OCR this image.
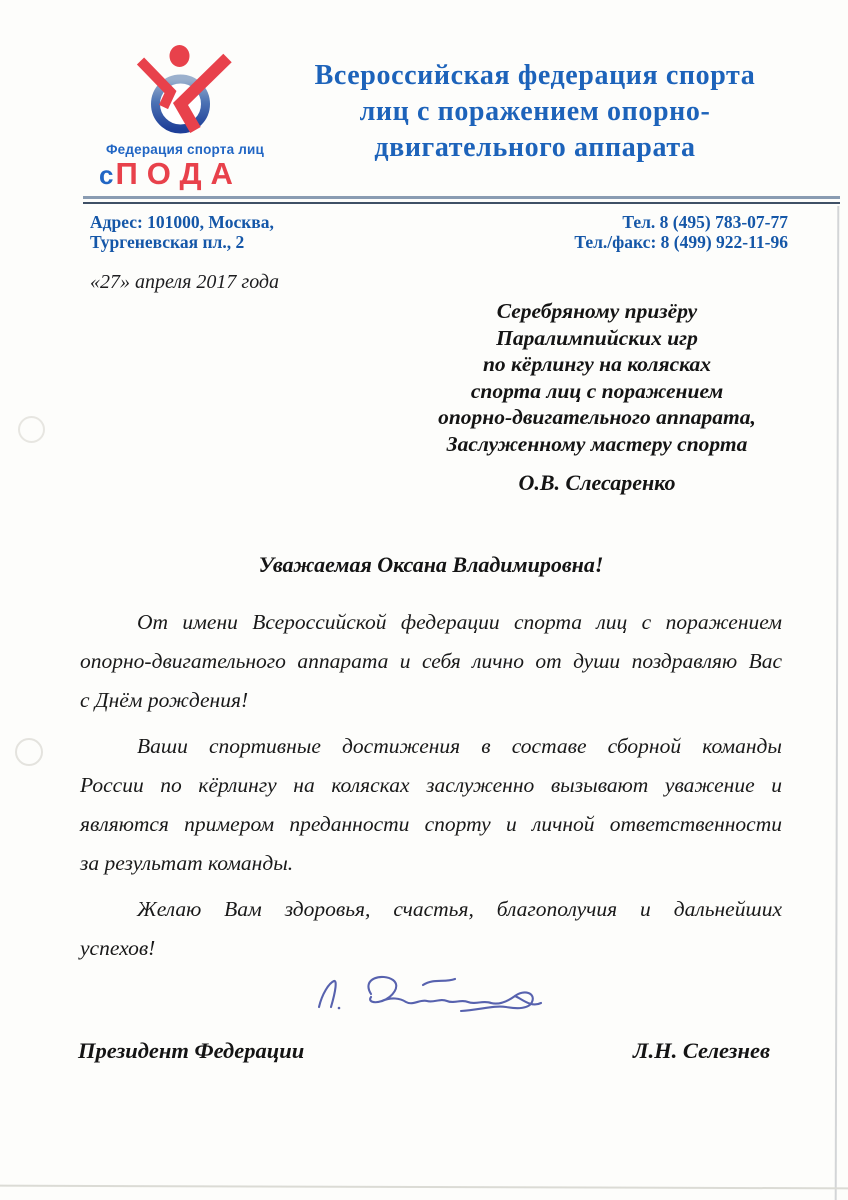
Федерация спорта лиц
сПОДА
Всероссийская федерация спорта
лиц с поражением опорно-
двигательного аппарата
Адрес: 101000, Москва,
Тургеневская пл., 2
Тел. 8 (495) 783-07-77
Тел./факс: 8 (499) 922-11-96
«27» апреля 2017 года
Серебряному призёру
Паралимпийских игр
по кёрлингу на колясках
спорта лиц с поражением
опорно-двигательного аппарата,
Заслуженному мастеру спорта
О.В. Слесаренко
Уважаемая Оксана Владимировна!

От имени Всероссийской федерации спорта лиц с поражением
опорно-двигательного аппарата и себя лично от души поздравляю Вас
с Днём рождения!

Ваши спортивные достижения в составе сборной команды
России по кёрлингу на колясках заслуженно вызывают уважение и
являются примером преданности спорту и личной ответственности
за результат команды.

Желаю Вам здоровья, счастья, благополучия и дальнейших
успехов!

Президент Федерации	Л.Н. Селезнев
